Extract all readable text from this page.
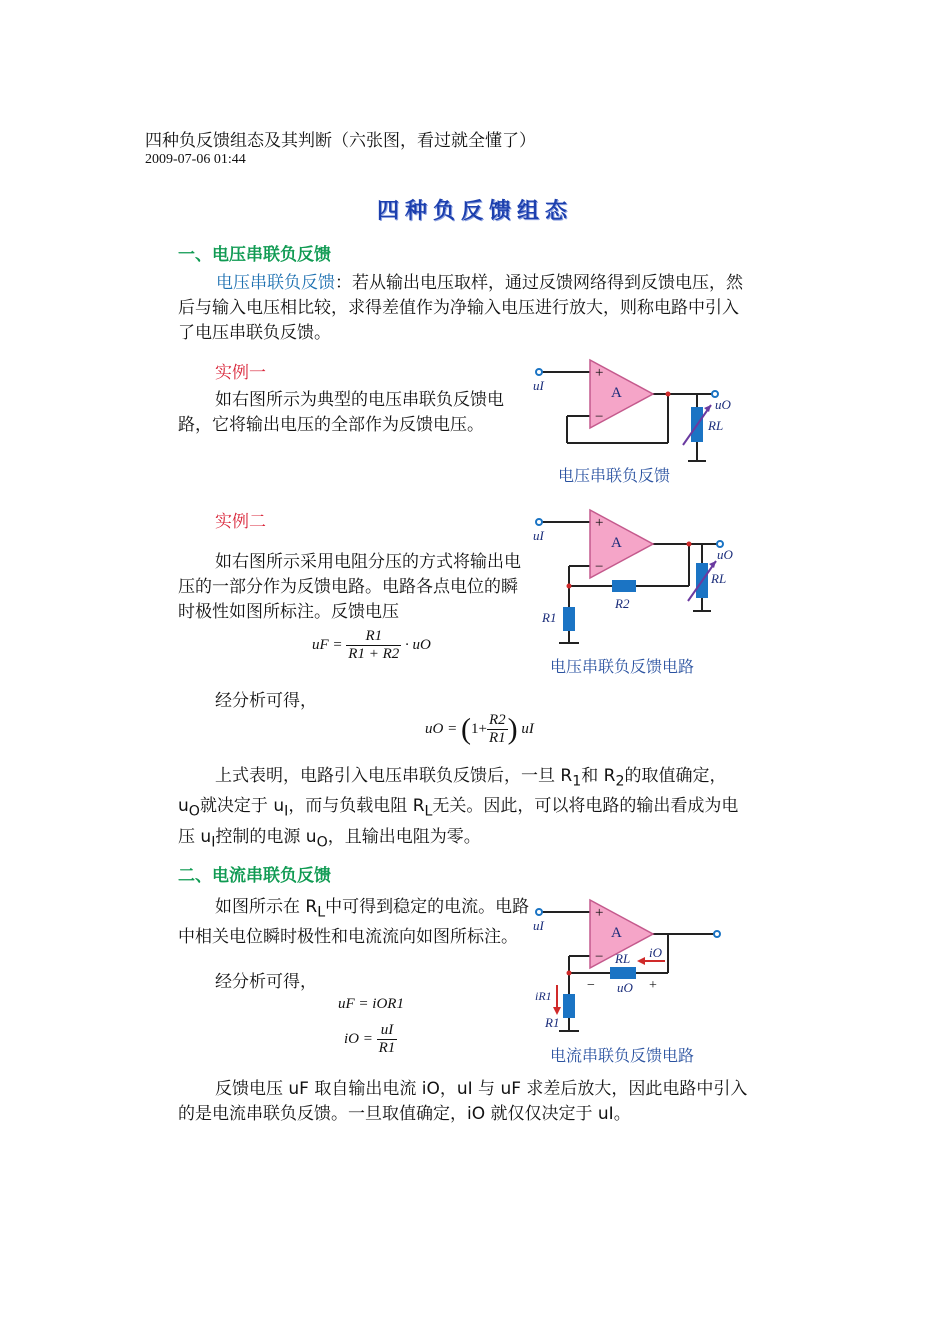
四种负反馈组态及其判断（六张图，看过就全懂了）
2009-07-06 01:44
四种负反馈组态
一、电压串联负反馈
电压串联负反馈：若从输出电压取样，通过反馈网络得到反馈电压，然后与输入电压相比较，求得差值作为净输入电压进行放大，则称电路中引入了电压串联负反馈。
实例一
如右图所示为典型的电压串联负反馈电路，它将输出电压的全部作为反馈电压。
+
−
A
uI
uO
RL
电压串联负反馈
实例二
如右图所示采用电阻分压的方式将输出电压的一部分作为反馈电路。电路各点电位的瞬时极性如图所标注。反馈电压
uF = $\frac{R1}{R1 + R2}$ · uO
+
−
A
uI
uO
RL
R2
R1
电压串联负反馈电路
经分析可得，
uO = ($1+ \frac{R2}{R1}$ ) uI
上式表明，电路引入电压串联负反馈后，一旦 $R_1$和 $R_2$的取值确定，$u_O$就决定于 $u_I$，而与负载电阻 $R_L$无关。因此，可以将电路的输出看成为电压 $u_I$控制的电源 $u_O$，且输出电阻为零。
二、电流串联负反馈
如图所示在 $R_L$中可得到稳定的电流。电路中相关电位瞬时极性和电流流向如图所标注。
经分析可得，
uF = iOR1
iO = $\frac{uI}{R1}$
+
−
A
uI
RL iO
− uO +
iR1
R1
电流串联负反馈电路
反馈电压 uF 取自输出电流 iO，uI 与 uF 求差后放大，因此电路中引入的是电流串联负反馈。一旦取值确定，iO 就仅仅决定于 uI。
